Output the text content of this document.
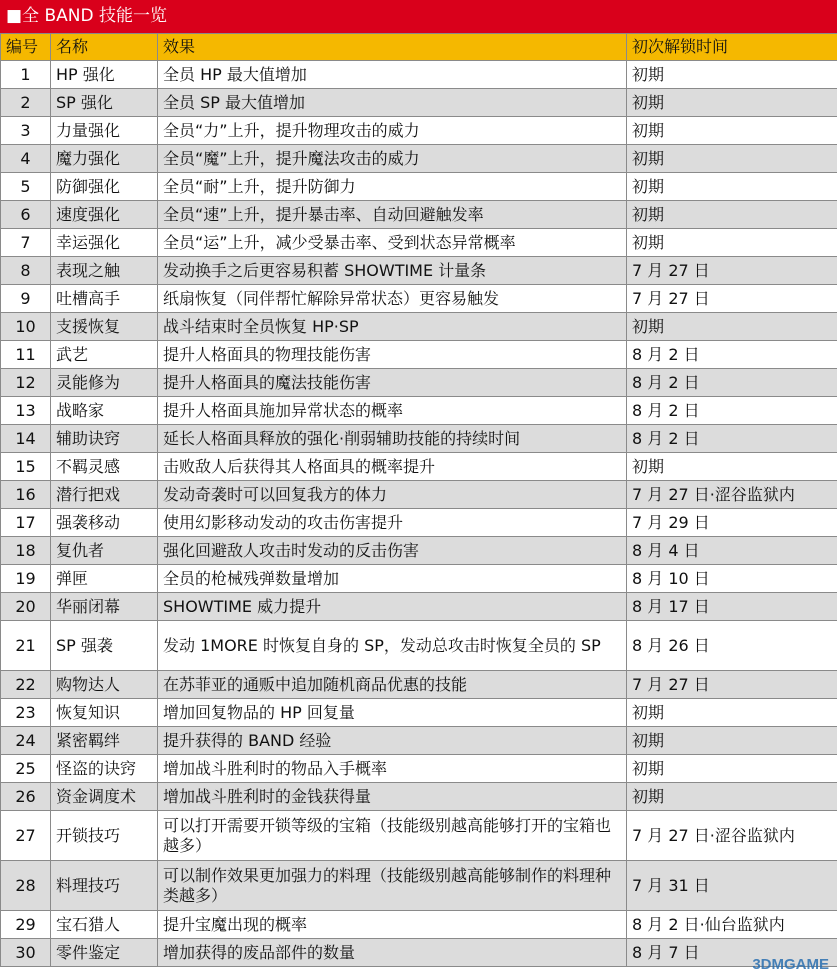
■全 BAND 技能一览
编号	名称	效果	初次解锁时间
1	HP 强化	全员 HP 最大值增加	初期
2	SP 强化	全员 SP 最大值增加	初期
3	力量强化	全员“力”上升，提升物理攻击的威力	初期
4	魔力强化	全员“魔”上升，提升魔法攻击的威力	初期
5	防御强化	全员“耐”上升，提升防御力	初期
6	速度强化	全员“速”上升，提升暴击率、自动回避触发率	初期
7	幸运强化	全员“运”上升，减少受暴击率、受到状态异常概率	初期
8	表现之触	发动换手之后更容易积蓄 SHOWTIME 计量条	7 月 27 日
9	吐槽高手	纸扇恢复（同伴帮忙解除异常状态）更容易触发	7 月 27 日
10	支援恢复	战斗结束时全员恢复 HP·SP	初期
11	武艺	提升人格面具的物理技能伤害	8 月 2 日
12	灵能修为	提升人格面具的魔法技能伤害	8 月 2 日
13	战略家	提升人格面具施加异常状态的概率	8 月 2 日
14	辅助诀窍	延长人格面具释放的强化·削弱辅助技能的持续时间	8 月 2 日
15	不羁灵感	击败敌人后获得其人格面具的概率提升	初期
16	潜行把戏	发动奇袭时可以回复我方的体力	7 月 27 日·涩谷监狱内
17	强袭移动	使用幻影移动发动的攻击伤害提升	7 月 29 日
18	复仇者	强化回避敌人攻击时发动的反击伤害	8 月 4 日
19	弹匣	全员的枪械残弹数量增加	8 月 10 日
20	华丽闭幕	SHOWTIME 威力提升	8 月 17 日
21	SP 强袭	发动 1MORE 时恢复自身的 SP，发动总攻击时恢复全员的 SP	8 月 26 日
22	购物达人	在苏菲亚的通贩中追加随机商品优惠的技能	7 月 27 日
23	恢复知识	增加回复物品的 HP 回复量	初期
24	紧密羁绊	提升获得的 BAND 经验	初期
25	怪盗的诀窍	增加战斗胜利时的物品入手概率	初期
26	资金调度术	增加战斗胜利时的金钱获得量	初期
27	开锁技巧	可以打开需要开锁等级的宝箱（技能级别越高能够打开的宝箱也越多）	7 月 27 日·涩谷监狱内
28	料理技巧	可以制作效果更加强力的料理（技能级别越高能够制作的料理种类越多）	7 月 31 日
29	宝石猎人	提升宝魔出现的概率	8 月 2 日·仙台监狱内
30	零件鉴定	增加获得的废品部件的数量	8 月 7 日
3DMGAME
